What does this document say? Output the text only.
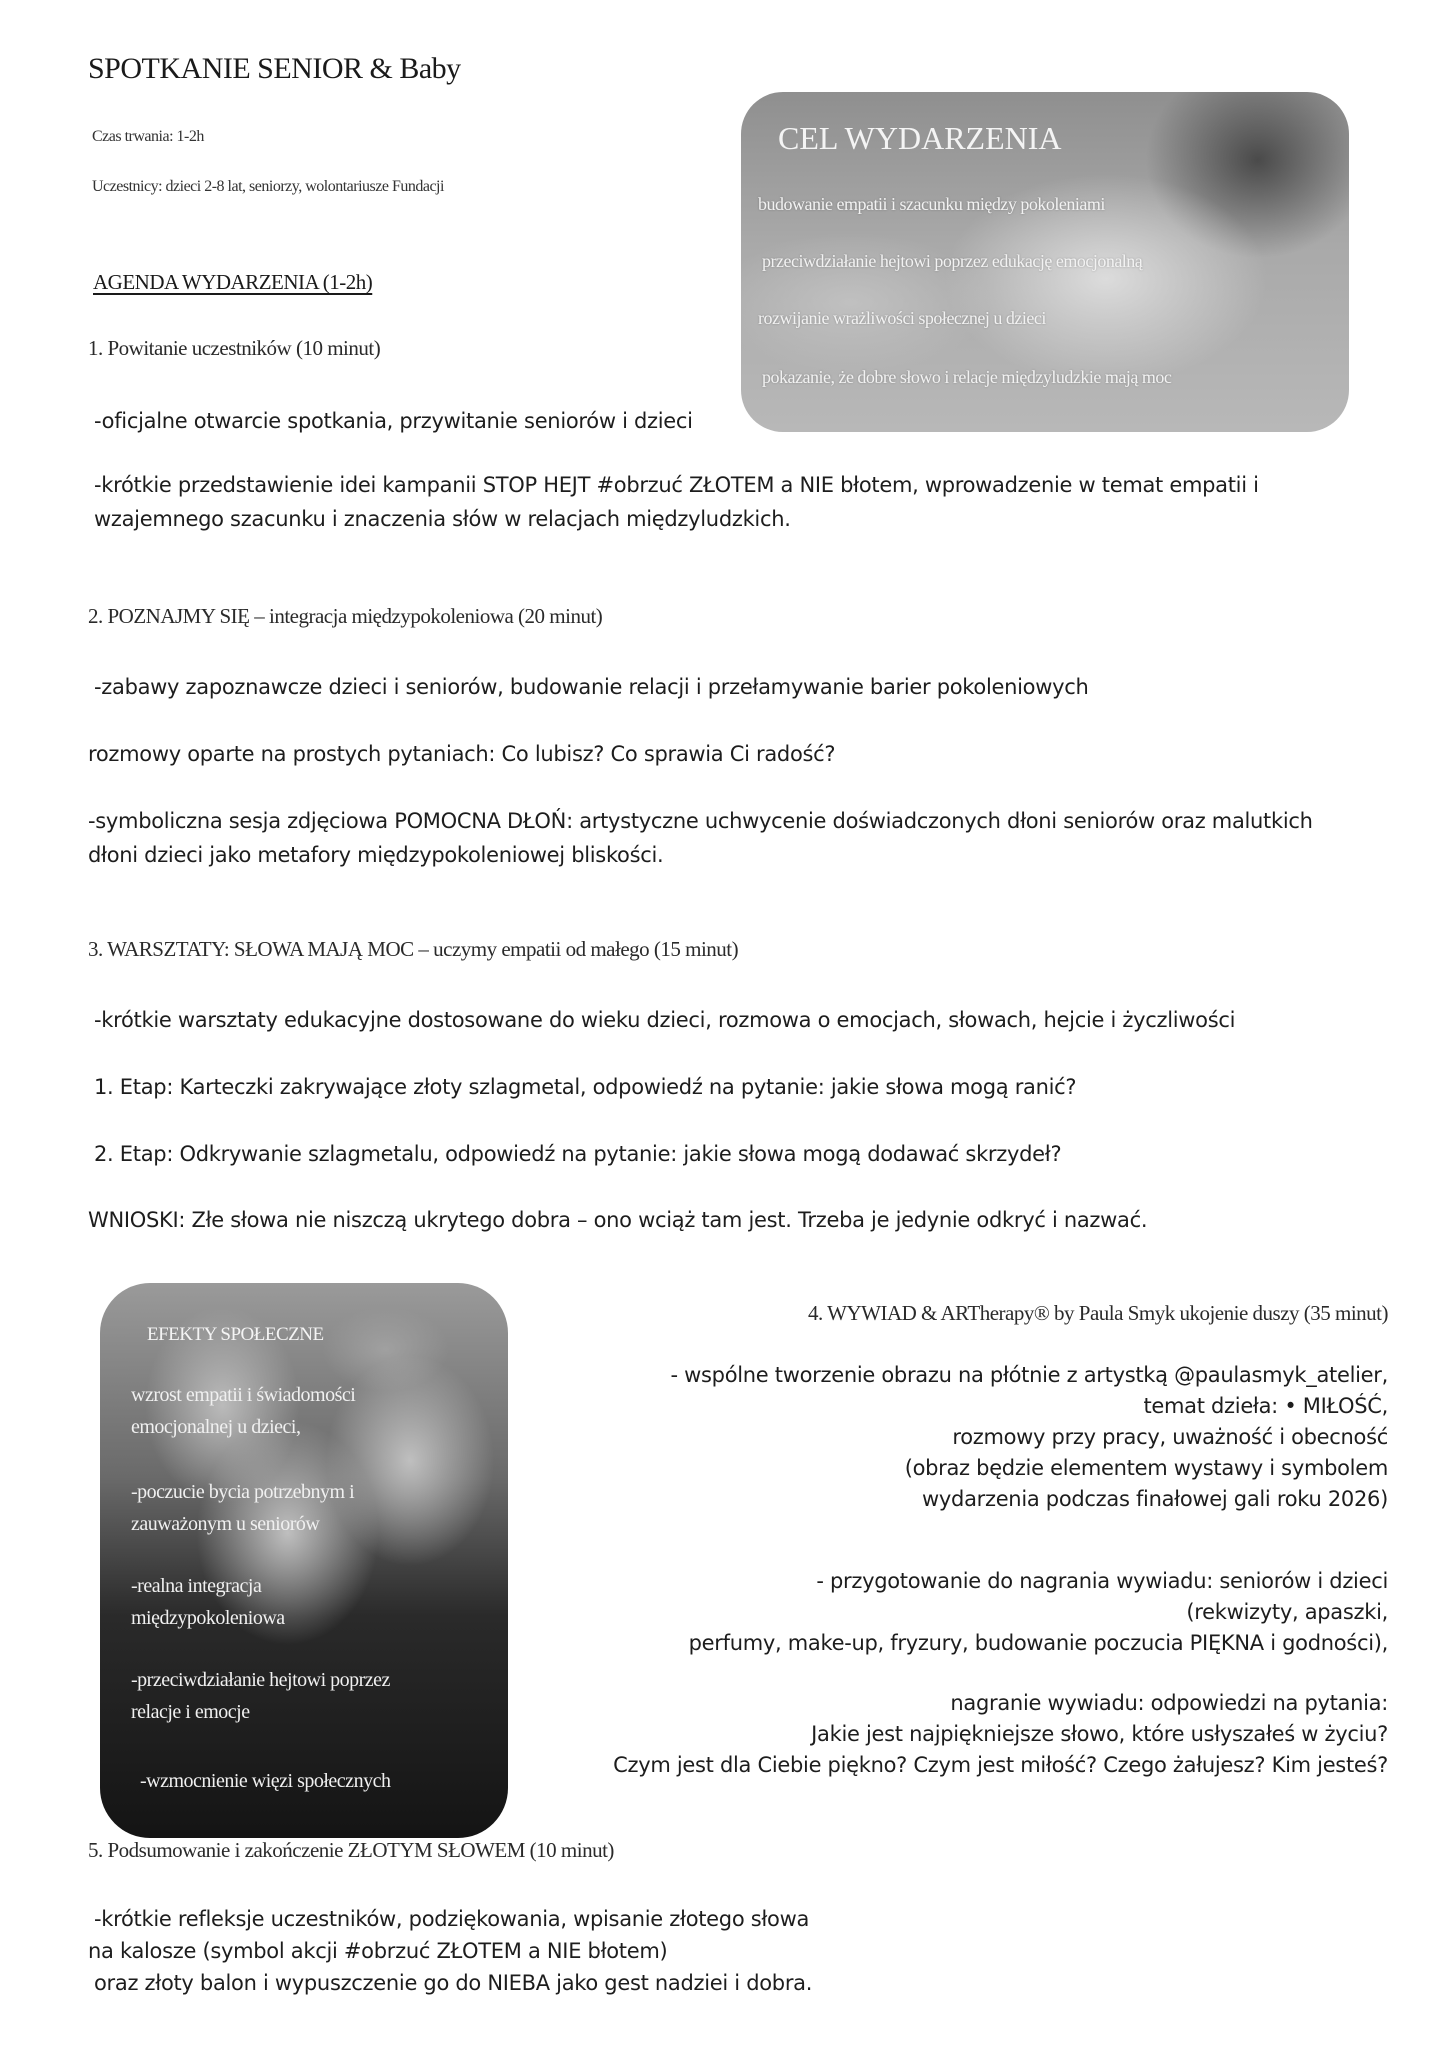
SPOTKANIE SENIOR & Baby
Czas trwania: 1-2h
Uczestnicy: dzieci 2-8 lat, seniorzy, wolontariusze Fundacji
AGENDA WYDARZENIA (1-2h)
CEL WYDARZENIA
budowanie empatii i szacunku między pokoleniami
przeciwdziałanie hejtowi poprzez edukację emocjonalną
rozwijanie wrażliwości społecznej u dzieci
pokazanie, że dobre słowo i relacje międzyludzkie mają moc
1. Powitanie uczestników (10 minut)
-oficjalne otwarcie spotkania, przywitanie seniorów i dzieci
-krótkie przedstawienie idei kampanii STOP HEJT #obrzuć ZŁOTEM a NIE błotem, wprowadzenie w temat empatii i wzajemnego szacunku i znaczenia słów w relacjach międzyludzkich.
2. POZNAJMY SIĘ – integracja międzypokoleniowa (20 minut)
-zabawy zapoznawcze dzieci i seniorów, budowanie relacji i przełamywanie barier pokoleniowych
rozmowy oparte na prostych pytaniach: Co lubisz? Co sprawia Ci radość?
-symboliczna sesja zdjęciowa POMOCNA DŁOŃ: artystyczne uchwycenie doświadczonych dłoni seniorów oraz malutkich dłoni dzieci jako metafory międzypokoleniowej bliskości.
3. WARSZTATY: SŁOWA MAJĄ MOC – uczymy empatii od małego (15 minut)
-krótkie warsztaty edukacyjne dostosowane do wieku dzieci, rozmowa o emocjach, słowach, hejcie i życzliwości
1. Etap: Karteczki zakrywające złoty szlagmetal, odpowiedź na pytanie: jakie słowa mogą ranić?
2. Etap: Odkrywanie szlagmetalu, odpowiedź na pytanie: jakie słowa mogą dodawać skrzydeł?
WNIOSKI: Złe słowa nie niszczą ukrytego dobra – ono wciąż tam jest. Trzeba je jedynie odkryć i nazwać.
EFEKTY SPOŁECZNE
wzrost empatii i świadomości
emocjonalnej u dzieci,
-poczucie bycia potrzebnym i
zauważonym u seniorów
-realna integracja
międzypokoleniowa
-przeciwdziałanie hejtowi poprzez
relacje i emocje
-wzmocnienie więzi społecznych
4. WYWIAD & ARTherapy® by Paula Smyk ukojenie duszy (35 minut)
- wspólne tworzenie obrazu na płótnie z artystką @paulasmyk_atelier,
temat dzieła: • MIŁOŚĆ,
rozmowy przy pracy, uważność i obecność
(obraz będzie elementem wystawy i symbolem
wydarzenia podczas finałowej gali roku 2026)
- przygotowanie do nagrania wywiadu: seniorów i dzieci
(rekwizyty, apaszki,
perfumy, make-up, fryzury, budowanie poczucia PIĘKNA i godności),
nagranie wywiadu: odpowiedzi na pytania:
Jakie jest najpiękniejsze słowo, które usłyszałeś w życiu?
Czym jest dla Ciebie piękno? Czym jest miłość? Czego żałujesz? Kim jesteś?
5. Podsumowanie i zakończenie ZŁOTYM SŁOWEM (10 minut)
-krótkie refleksje uczestników, podziękowania, wpisanie złotego słowa
na kalosze (symbol akcji #obrzuć ZŁOTEM a NIE błotem)
oraz złoty balon i wypuszczenie go do NIEBA jako gest nadziei i dobra.
